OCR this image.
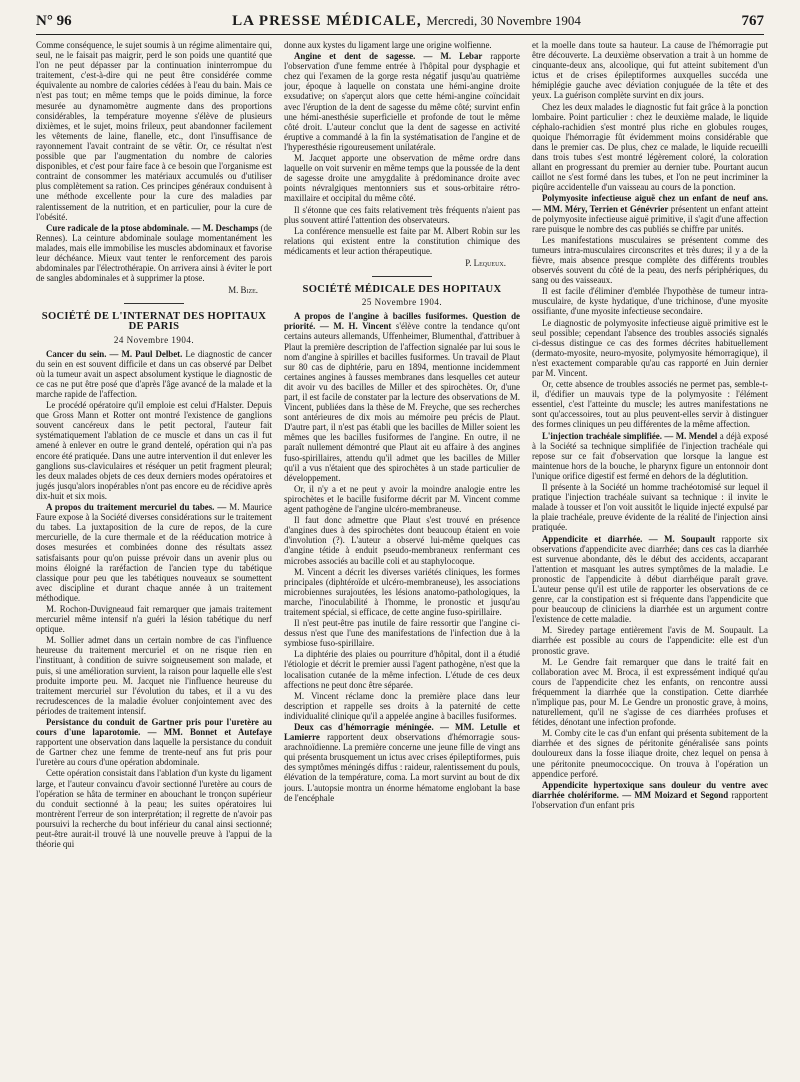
N° 96	LA PRESSE MÉDICALE, Mercredi, 30 Novembre 1904	767

Comme conséquence, le sujet soumis à un régime alimentaire qui, seul, ne le faisait pas maigrir, perd le son poids une quantité que l'on ne peut dépasser par la continuation ininterrompue du traitement, c'est-à-dire qui ne peut être considérée comme équivalente au nombre de calories cédées à l'eau du bain. Mais ce n'est pas tout; en même temps que le poids diminue, la force mesurée au dynamomètre augmente dans des proportions considérables, la température moyenne s'élève de plusieurs dixièmes, et le sujet, moins frileux, peut abandonner facilement les vêtements de laine, flanelle, etc., dont l'insuffisance de rayonnement l'avait contraint de se vêtir. Or, ce résultat n'est possible que par l'augmentation du nombre de calories disponibles, et c'est pour faire face à ce besoin que l'organisme est contraint de consommer les matériaux accumulés ou d'utiliser plus complètement sa ration. Ces principes généraux conduisent à une méthode excellente pour la cure des maladies par ralentissement de la nutrition, et en particulier, pour la cure de l'obésité.

Cure radicale de la ptose abdominale. — M. Deschamps (de Rennes). La ceinture abdominale soulage momentanément les malades, mais elle immobilise les muscles abdominaux et favorise leur déchéance. Mieux vaut tenter le renforcement des parois abdominales par l'électrothérapie. On arrivera ainsi à éviter le port de sangles abdominales et à supprimer la ptose.

M. Bize.
SOCIÉTÉ DE L'INTERNAT DES HOPITAUX DE PARIS
24 Novembre 1904.

Cancer du sein. — M. Paul Delbet. Le diagnostic de cancer du sein en est souvent difficile et dans un cas observé par Delbet où la tumeur avait un aspect absolument kystique le diagnostic de ce cas ne put être posé que d'après l'âge avancé de la malade et la marche rapide de l'affection.

Le procédé opératoire qu'il emploie est celui d'Halster. Depuis que Gross Mann et Rotter ont montré l'existence de ganglions souvent cancéreux dans le petit pectoral, l'auteur fait systématiquement l'ablation de ce muscle et dans un cas il fut amené à enlever en outre le grand dentelé, opération qui n'a pas encore été pratiquée. Dans une autre intervention il dut enlever les ganglions sus-claviculaires et réséquer un petit fragment pleural; les deux malades objets de ces deux derniers modes opératoires et jugés jusqu'alors inopérables n'ont pas encore eu de récidive après dix-huit et six mois.

A propos du traitement mercuriel du tabes. — M. Maurice Faure expose à la Société diverses considérations sur le traitement du tabes. La juxtaposition de la cure de repos, de la cure mercurielle, de la cure thermale et de la rééducation motrice à doses mesurées et combinées donne des résultats assez satisfaisants pour qu'on puisse prévoir dans un avenir plus ou moins éloigné la raréfaction de l'ancien type du tabétique classique pour peu que les tabétiques nouveaux se soumettent avec discipline et durant chaque année à un traitement méthodique.

M. Rochon-Duvigneaud fait remarquer que jamais traitement mercuriel même intensif n'a guéri la lésion tabétique du nerf optique.

M. Sollier admet dans un certain nombre de cas l'influence heureuse du traitement mercuriel et on ne risque rien en l'instituant, à condition de suivre soigneusement son malade, et puis, si une amélioration survient, la raison pour laquelle elle s'est produite importe peu. M. Jacquet nie l'influence heureuse du traitement mercuriel sur l'évolution du tabes, et il a vu des recrudescences de la maladie évoluer conjointement avec des périodes de traitement intensif.

Persistance du conduit de Gartner pris pour l'uretère au cours d'une laparotomie. — MM. Bonnet et Autefaye rapportent une observation dans laquelle la persistance du conduit de Gartner chez une femme de trente-neuf ans fut pris pour l'uretère au cours d'une opération abdominale.

Cette opération consistait dans l'ablation d'un kyste du ligament large, et l'auteur convaincu d'avoir sectionné l'uretère au cours de l'opération se hâta de terminer en abouchant le tronçon supérieur du conduit sectionné à la peau; les suites opératoires lui montrèrent l'erreur de son interprétation; il regrette de n'avoir pas poursuivi la recherche du bout inférieur du canal ainsi sectionné; peut-être aurait-il trouvé là une nouvelle preuve à l'appui de la théorie qui

donne aux kystes du ligament large une origine wolfienne.

Angine et dent de sagesse. — M. Lebar rapporte l'observation d'une femme entrée à l'hôpital pour dysphagie et chez qui l'examen de la gorge resta négatif jusqu'au quatrième jour, époque à laquelle on constata une hémi-angine droite exsudative; on s'aperçut alors que cette hémi-angine coïncidait avec l'éruption de la dent de sagesse du même côté; survint enfin une hémi-anesthésie superficielle et profonde de tout le même côté droit. L'auteur conclut que la dent de sagesse en activité éruptive a commandé à la fin la systématisation de l'angine et de l'hyperesthésie rigoureusement unilatérale.

M. Jacquet apporte une observation de même ordre dans laquelle on voit survenir en même temps que la poussée de la dent de sagesse droite une amygdalite à prédominance droite avec points névralgiques mentonniers sus et sous-orbitaire rétro-maxillaire et occipital du même côté.

Il s'étonne que ces faits relativement très fréquents n'aient pas plus souvent attiré l'attention des observateurs.

La conférence mensuelle est faite par M. Albert Robin sur les relations qui existent entre la constitution chimique des médicaments et leur action thérapeutique.

P. Lequeux.
SOCIÉTÉ MÉDICALE DES HOPITAUX
25 Novembre 1904.

A propos de l'angine à bacilles fusiformes. Question de priorité. — M. H. Vincent s'élève contre la tendance qu'ont certains auteurs allemands, Uffenheimer, Blumenthal, d'attribuer à Plaut la première description de l'affection signalée par lui sous le nom d'angine à spirilles et bacilles fusiformes. Un travail de Plaut sur 80 cas de diphtérie, paru en 1894, mentionne incidemment certaines angines à fausses membranes dans lesquelles cet auteur dit avoir vu des bacilles de Miller et des spirochètes. Or, d'une part, il est facile de constater par la lecture des observations de M. Vincent, publiées dans la thèse de M. Freyche, que ses recherches sont antérieures de dix mois au mémoire peu précis de Plaut. D'autre part, il n'est pas établi que les bacilles de Miller soient les mêmes que les bacilles fusiformes de l'angine. En outre, il ne paraît nullement démontré que Plaut ait eu affaire à des angines fuso-spirillaires, attendu qu'il admet que les bacilles de Miller qu'il a vus n'étaient que des spirochètes à un stade particulier de développement.

Or, il n'y a et ne peut y avoir la moindre analogie entre les spirochètes et le bacille fusiforme décrit par M. Vincent comme agent pathogène de l'angine ulcéro-membraneuse.

Il faut donc admettre que Plaut s'est trouvé en présence d'angines dues à des spirochètes dont beaucoup étaient en voie d'involution (?). L'auteur a observé lui-même quelques cas d'angine tétide à enduit pseudo-membraneux renfermant ces microbes associés au bacille coli et au staphylocoque.

M. Vincent a décrit les diverses variétés cliniques, les formes principales (diphtéroïde et ulcéro-membraneuse), les associations microbiennes surajoutées, les lésions anatomo-pathologiques, la marche, l'inoculabilité à l'homme, le pronostic et jusqu'au traitement spécial, si efficace, de cette angine fuso-spirillaire.

Il n'est peut-être pas inutile de faire ressortir que l'angine ci-dessus n'est que l'une des manifestations de l'infection due à la symbiose fuso-spirillaire.

La diphtérie des plaies ou pourriture d'hôpital, dont il a étudié l'étiologie et décrit le premier aussi l'agent pathogène, n'est que la localisation cutanée de la même infection. L'étude de ces deux affections ne peut donc être séparée.

M. Vincent réclame donc la première place dans leur description et rappelle ses droits à la paternité de cette individualité clinique qu'il a appelée angine à bacilles fusiformes.

Deux cas d'hémorragie méningée. — MM. Letulle et Lamierre rapportent deux observations d'hémorragie sous-arachnoïdienne. La première concerne une jeune fille de vingt ans qui présenta brusquement un ictus avec crises épileptiformes, puis des symptômes méningés diffus : raideur, ralentissement du pouls, élévation de la température, coma. La mort survint au bout de dix jours. L'autopsie montra un énorme hématome englobant la base de l'encéphale

et la moelle dans toute sa hauteur. La cause de l'hémorragie put être découverte. La deuxième observation a trait à un homme de cinquante-deux ans, alcoolique, qui fut atteint subitement d'un ictus et de crises épileptiformes auxquelles succéda une hémiplégie gauche avec déviation conjuguée de la tête et des yeux. La guérison complète survint en dix jours.

Chez les deux malades le diagnostic fut fait grâce à la ponction lombaire. Point particulier : chez le deuxième malade, le liquide céphalo-rachidien s'est montré plus riche en globules rouges, quoique l'hémorragie fût évidemment moins considérable que dans le premier cas. De plus, chez ce malade, le liquide recueilli dans trois tubes s'est montré légèrement coloré, la coloration allant en progressant du premier au dernier tube. Pourtant aucun caillot ne s'est formé dans les tubes, et l'on ne peut incriminer la piqûre accidentelle d'un vaisseau au cours de la ponction.

Polymyosite infectieuse aiguë chez un enfant de neuf ans. — MM. Méry, Terrien et Génévrier présentent un enfant atteint de polymyosite infectieuse aiguë primitive, il s'agit d'une affection rare puisque le nombre des cas publiés se chiffre par unités.

Les manifestations musculaires se présentent comme des tumeurs intra-musculaires circonscrites et très dures; il y a de la fièvre, mais absence presque complète des différents troubles observés souvent du côté de la peau, des nerfs périphériques, du sang ou des vaisseaux.

Il est facile d'éliminer d'emblée l'hypothèse de tumeur intra-musculaire, de kyste hydatique, d'une trichinose, d'une myosite ossifiante, d'une myosite infectieuse secondaire.

Le diagnostic de polymyosite infectieuse aiguë primitive est le seul possible; cependant l'absence des troubles associés signalés ci-dessus distingue ce cas des formes décrites habituellement (dermato-myosite, neuro-myosite, polymyosite hémorragique), il n'est exactement comparable qu'au cas rapporté en Juin dernier par M. Vincent.

Or, cette absence de troubles associés ne permet pas, semble-t-il, d'édifier un mauvais type de la polymyosite : l'élément essentiel, c'est l'atteinte du muscle; les autres manifestations ne sont qu'accessoires, tout au plus peuvent-elles servir à distinguer des formes cliniques un peu différentes de la même affection.

L'injection trachéale simplifiée. — M. Mendel a déjà exposé à la Société sa technique simplifiée de l'injection trachéale qui repose sur ce fait d'observation que lorsque la langue est maintenue hors de la bouche, le pharynx figure un entonnoir dont l'unique orifice digestif est fermé en dehors de la déglutition.

Il présente à la Société un homme trachéotomisé sur lequel il pratique l'injection trachéale suivant sa technique : il invite le malade à tousser et l'on voit aussitôt le liquide injecté expulsé par la plaie trachéale, preuve évidente de la réalité de l'injection ainsi pratiquée.

Appendicite et diarrhée. — M. Soupault rapporte six observations d'appendicite avec diarrhée; dans ces cas la diarrhée est survenue abondante, dès le début des accidents, accaparant l'attention et masquant les autres symptômes de la maladie. Le pronostic de l'appendicite à début diarrhéique paraît grave. L'auteur pense qu'il est utile de rapporter les observations de ce genre, car la constipation est si fréquente dans l'appendicite que pour beaucoup de cliniciens la diarrhée est un argument contre l'existence de cette maladie.

M. Siredey partage entièrement l'avis de M. Soupault. La diarrhée est possible au cours de l'appendicite: elle est d'un pronostic grave.

M. Le Gendre fait remarquer que dans le traité fait en collaboration avec M. Broca, il est expressément indiqué qu'au cours de l'appendicite chez les enfants, on rencontre aussi fréquemment la diarrhée que la constipation. Cette diarrhée n'implique pas, pour M. Le Gendre un pronostic grave, à moins, naturellement, qu'il ne s'agisse de ces diarrhées profuses et fétides, dénotant une infection profonde.

M. Comby cite le cas d'un enfant qui présenta subitement de la diarrhée et des signes de péritonite généralisée sans points douloureux dans la fosse iliaque droite, chez lequel on pensa à une péritonite pneumococcique. On trouva à l'opération un appendice perforé.

Appendicite hypertoxique sans douleur du ventre avec diarrhée cholériforme. — MM Moizard et Segond rapportent l'observation d'un enfant pris
